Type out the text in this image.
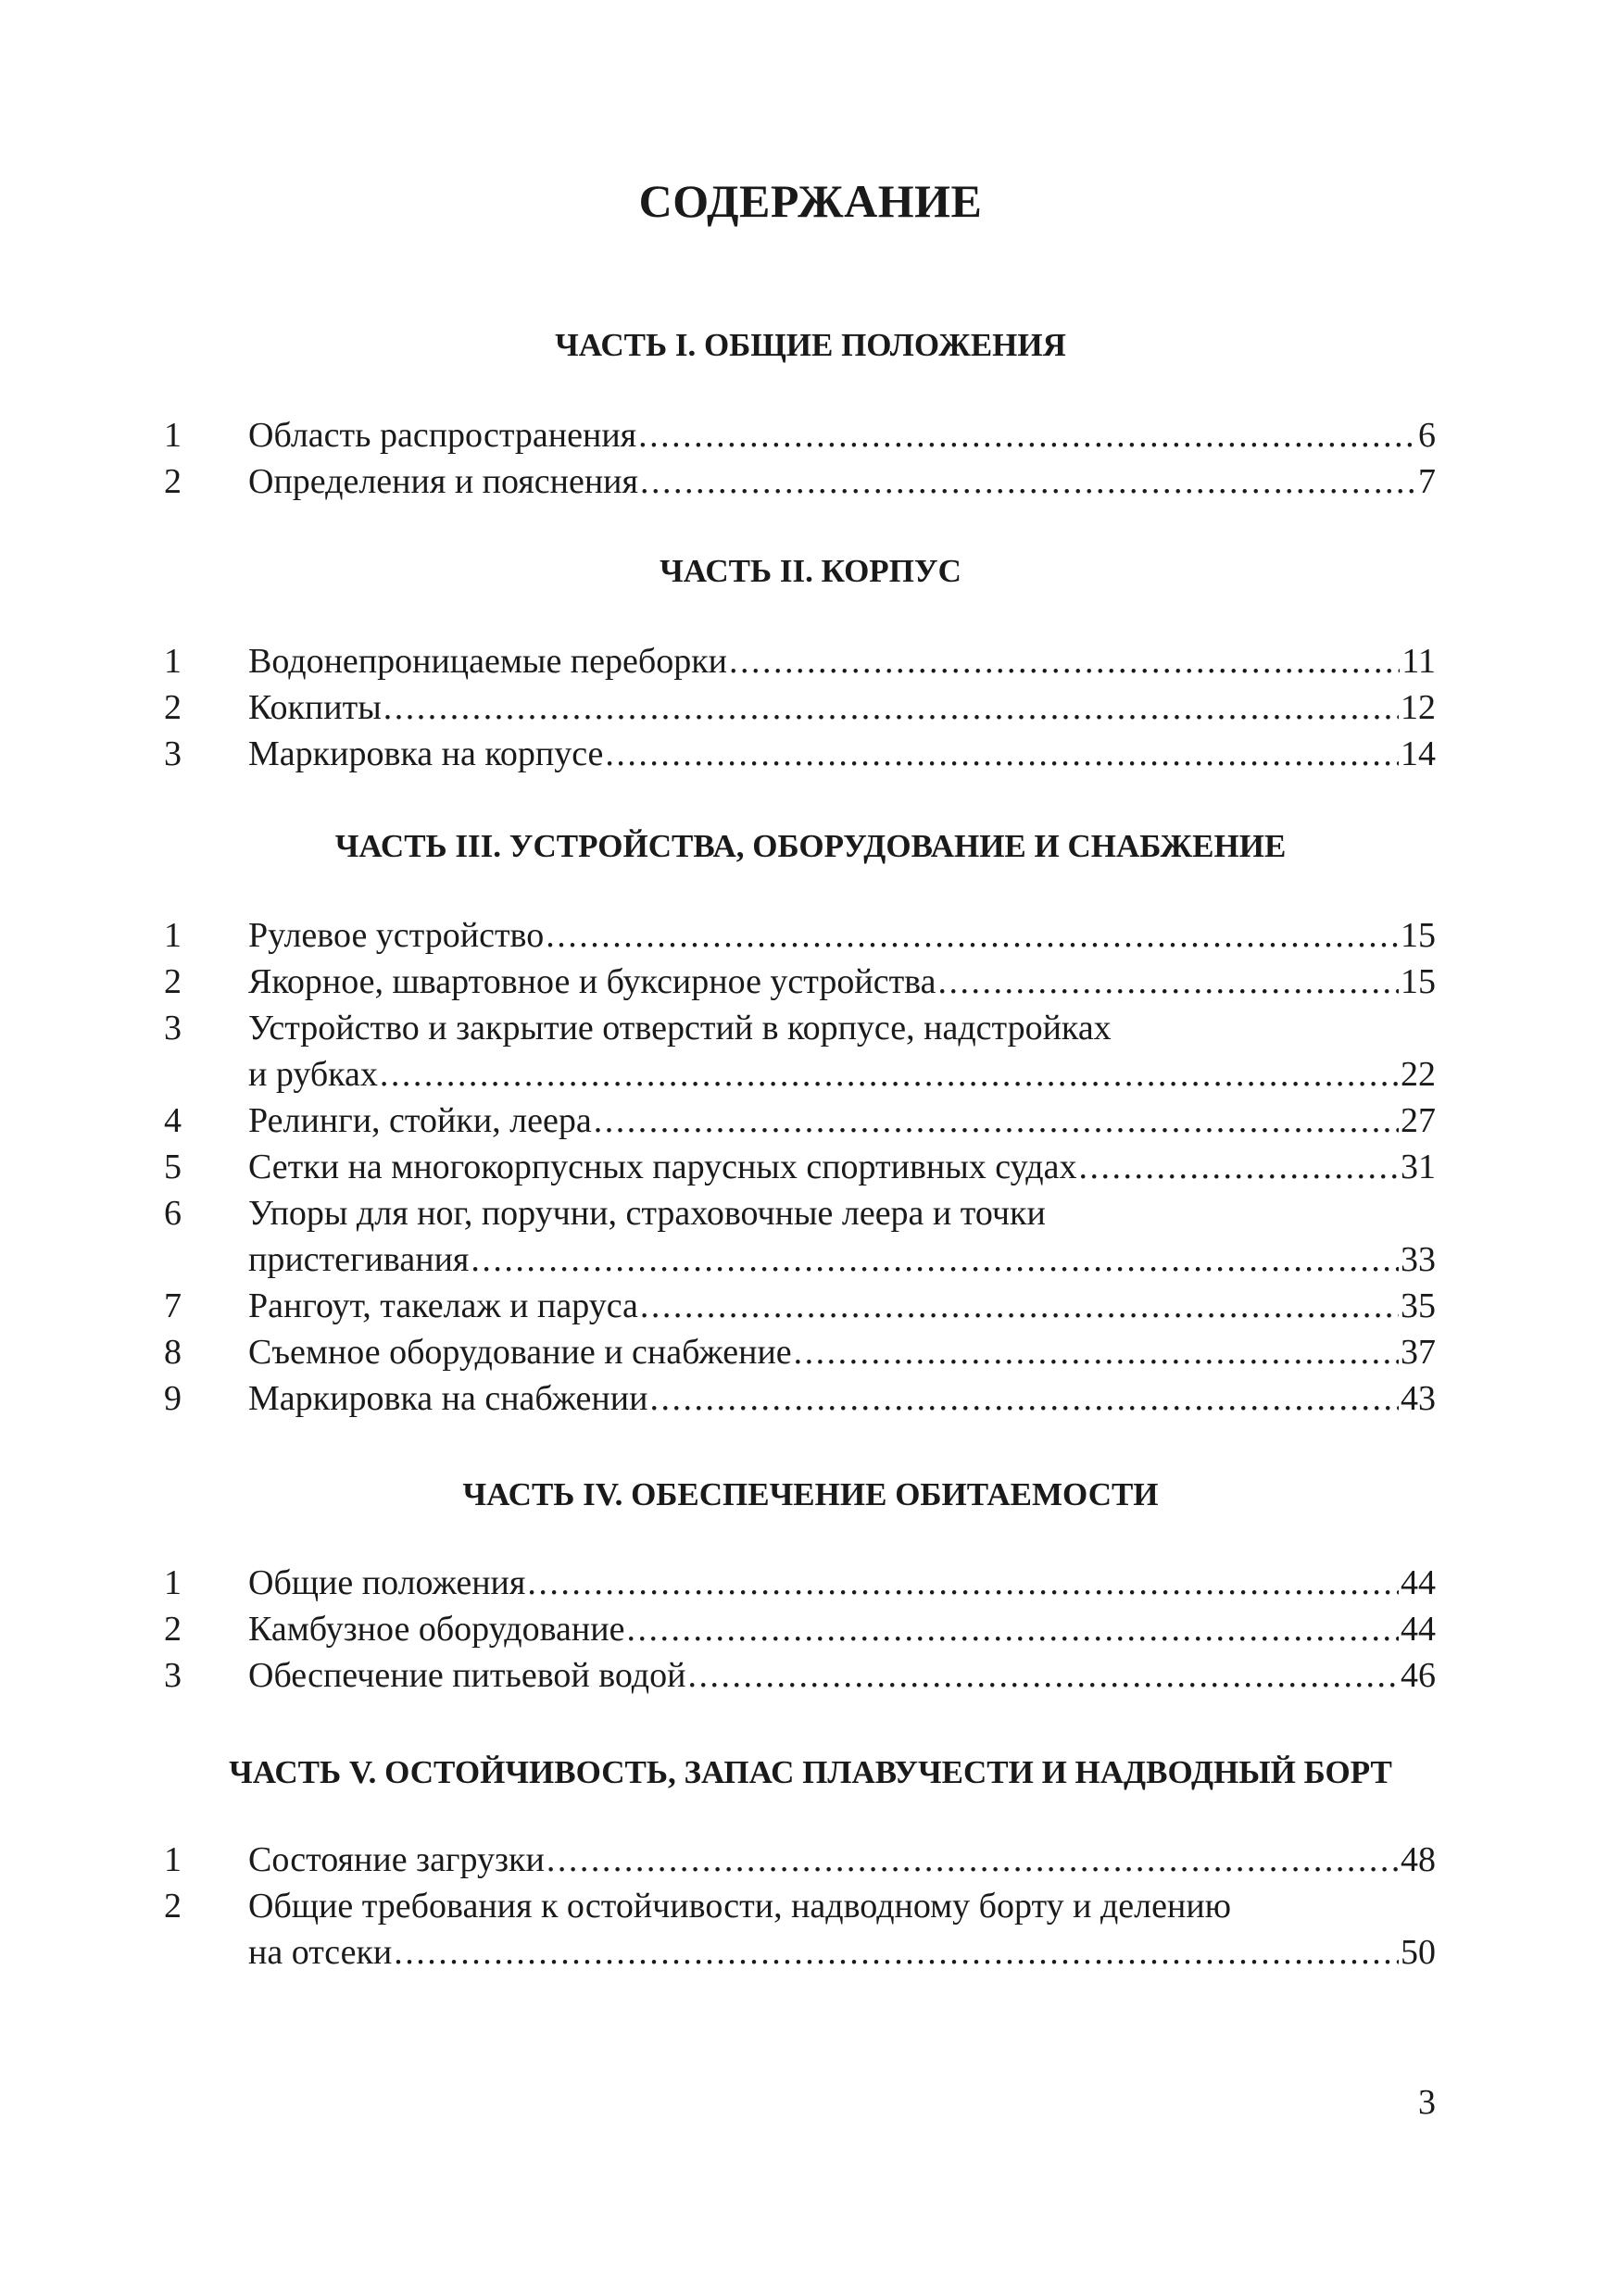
СОДЕРЖАНИЕ
ЧАСТЬ I. ОБЩИЕ ПОЛОЖЕНИЯ
1 Область распространения .....	6
2 Определения и пояснения .....	7
ЧАСТЬ II. КОРПУС
1 Водонепроницаемые переборки .....	11
2 Кокпиты .....	12
3 Маркировка на корпусе .....	14
ЧАСТЬ III. УСТРОЙСТВА, ОБОРУДОВАНИЕ И СНАБЖЕНИЕ
1 Рулевое устройство .....	15
2 Якорное, швартовное и буксирное устройства .....	15
3 Устройство и закрытие отверстий в корпусе, надстройках
и рубках .....	22
4 Релинги, стойки, леера .....	27
5 Сетки на многокорпусных парусных спортивных судах .....	31
6 Упоры для ног, поручни, страховочные леера и точки
пристегивания .....	33
7 Рангоут, такелаж и паруса .....	35
8 Съемное оборудование и снабжение .....	37
9 Маркировка на снабжении .....	43
ЧАСТЬ IV. ОБЕСПЕЧЕНИЕ ОБИТАЕМОСТИ
1 Общие положения .....	44
2 Камбузное оборудование .....	44
3 Обеспечение питьевой водой .....	46
ЧАСТЬ V. ОСТОЙЧИВОСТЬ, ЗАПАС ПЛАВУЧЕСТИ И НАДВОДНЫЙ БОРТ
1 Состояние загрузки .....	48
2 Общие требования к остойчивости, надводному борту и делению
на отсеки .....	50
3
